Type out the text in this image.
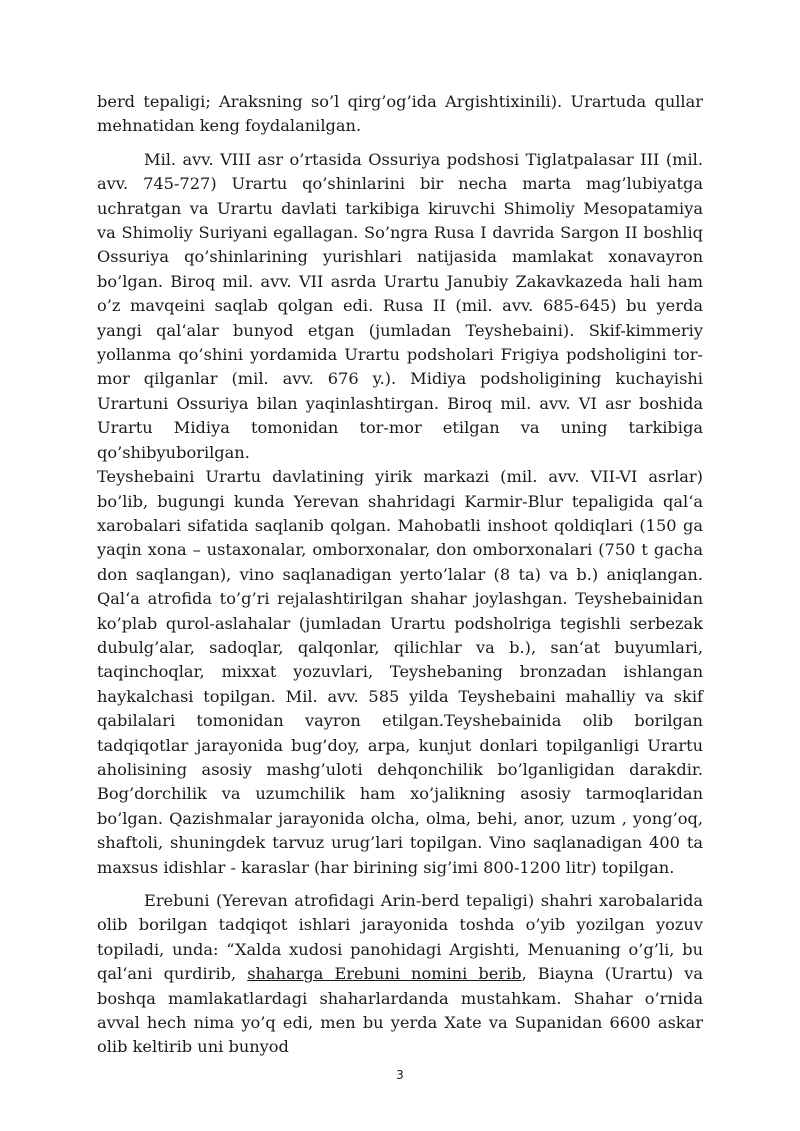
berd tepaligi; Araksning so’l qirg’og’ida Argishtixinili). Urartuda qullar mehnatidan keng foydalanilgan.

Mil. avv. VIII asr o’rtasida Ossuriya podshosi Tiglatpalasar III (mil. avv. 745-727) Urartu qo’shinlarini bir necha marta mag’lubiyatga uchratgan va Urartu davlati tarkibiga kiruvchi Shimoliy Mesopatamiya va Shimoliy Suriyani egallagan. So’ngra Rusa I davrida Sargon II boshliq Ossuriya qo’shinlarining yurishlari natijasida mamlakat xonavayron bo’lgan. Biroq mil. avv. VII asrda Urartu Janubiy Zakavkazeda hali ham o’z mavqeini saqlab qolgan edi. Rusa II (mil. avv. 685-645) bu yerda yangi qal‘alar bunyod etgan (jumladan Teyshebaini). Skif-kimmeriy yollanma qo’shini yordamida Urartu podsholari Frigiya podsholigini tor-mor qilganlar (mil. avv. 676 y.). Midiya podsholigining kuchayishi Urartuni Ossuriya bilan yaqinlashtirgan. Biroq mil. avv. VI asr boshida Urartu Midiya tomonidan tor-mor etilgan va uning tarkibiga qo’shibyuborilgan.

Teyshebaini Urartu davlatining yirik markazi (mil. avv. VII-VI asrlar) bo’lib, bugungi kunda Yerevan shahridagi Karmir-Blur tepaligida qal‘a xarobalari sifatida saqlanib qolgan. Mahobatli inshoot qoldiqlari (150 ga yaqin xona – ustaxonalar, omborxonalar, don omborxonalari (750 t gacha don saqlangan), vino saqlanadigan yerto’lalar (8 ta) va b.) aniqlangan. Qal‘a atrofida to’g’ri rejalashtirilgan shahar joylashgan. Teyshebainidan ko’plab qurol-aslahalar (jumladan Urartu podsholriga tegishli serbezak dubulg’alar, sadoqlar, qalqonlar, qilichlar va b.), san‘at buyumlari, taqinchoqlar, mixxat yozuvlari, Teyshebaning bronzadan ishlangan haykalchasi topilgan. Mil. avv. 585 yilda Teyshebaini mahalliy va skif qabilalari tomonidan vayron etilgan.Teyshebainida olib borilgan tadqiqotlar jarayonida bug’doy, arpa, kunjut donlari topilganligi Urartu aholisining asosiy mashg’uloti dehqonchilik bo’lganligidan darakdir. Bog’dorchilik va uzumchilik ham xo’jalikning asosiy tarmoqlaridan bo’lgan. Qazishmalar jarayonida olcha, olma, behi, anor, uzum , yong’oq, shaftoli, shuningdek tarvuz urug’lari topilgan. Vino saqlanadigan 400 ta maxsus idishlar - karaslar (har birining sig’imi 800-1200 litr) topilgan.

Erebuni (Yerevan atrofidagi Arin-berd tepaligi) shahri xarobalarida olib borilgan tadqiqot ishlari jarayonida toshda o’yib yozilgan yozuv topiladi, unda: “Xalda xudosi panohidagi Argishti, Menuaning o’g’li, bu qal‘ani qurdirib, shaharga Erebuni nomini berib, Biayna (Urartu) va boshqa mamlakatlardagi shaharlardanda mustahkam. Shahar o’rnida avval hech nima yo’q edi, men bu yerda Xate va Supanidan 6600 askar olib keltirib uni bunyod

3
